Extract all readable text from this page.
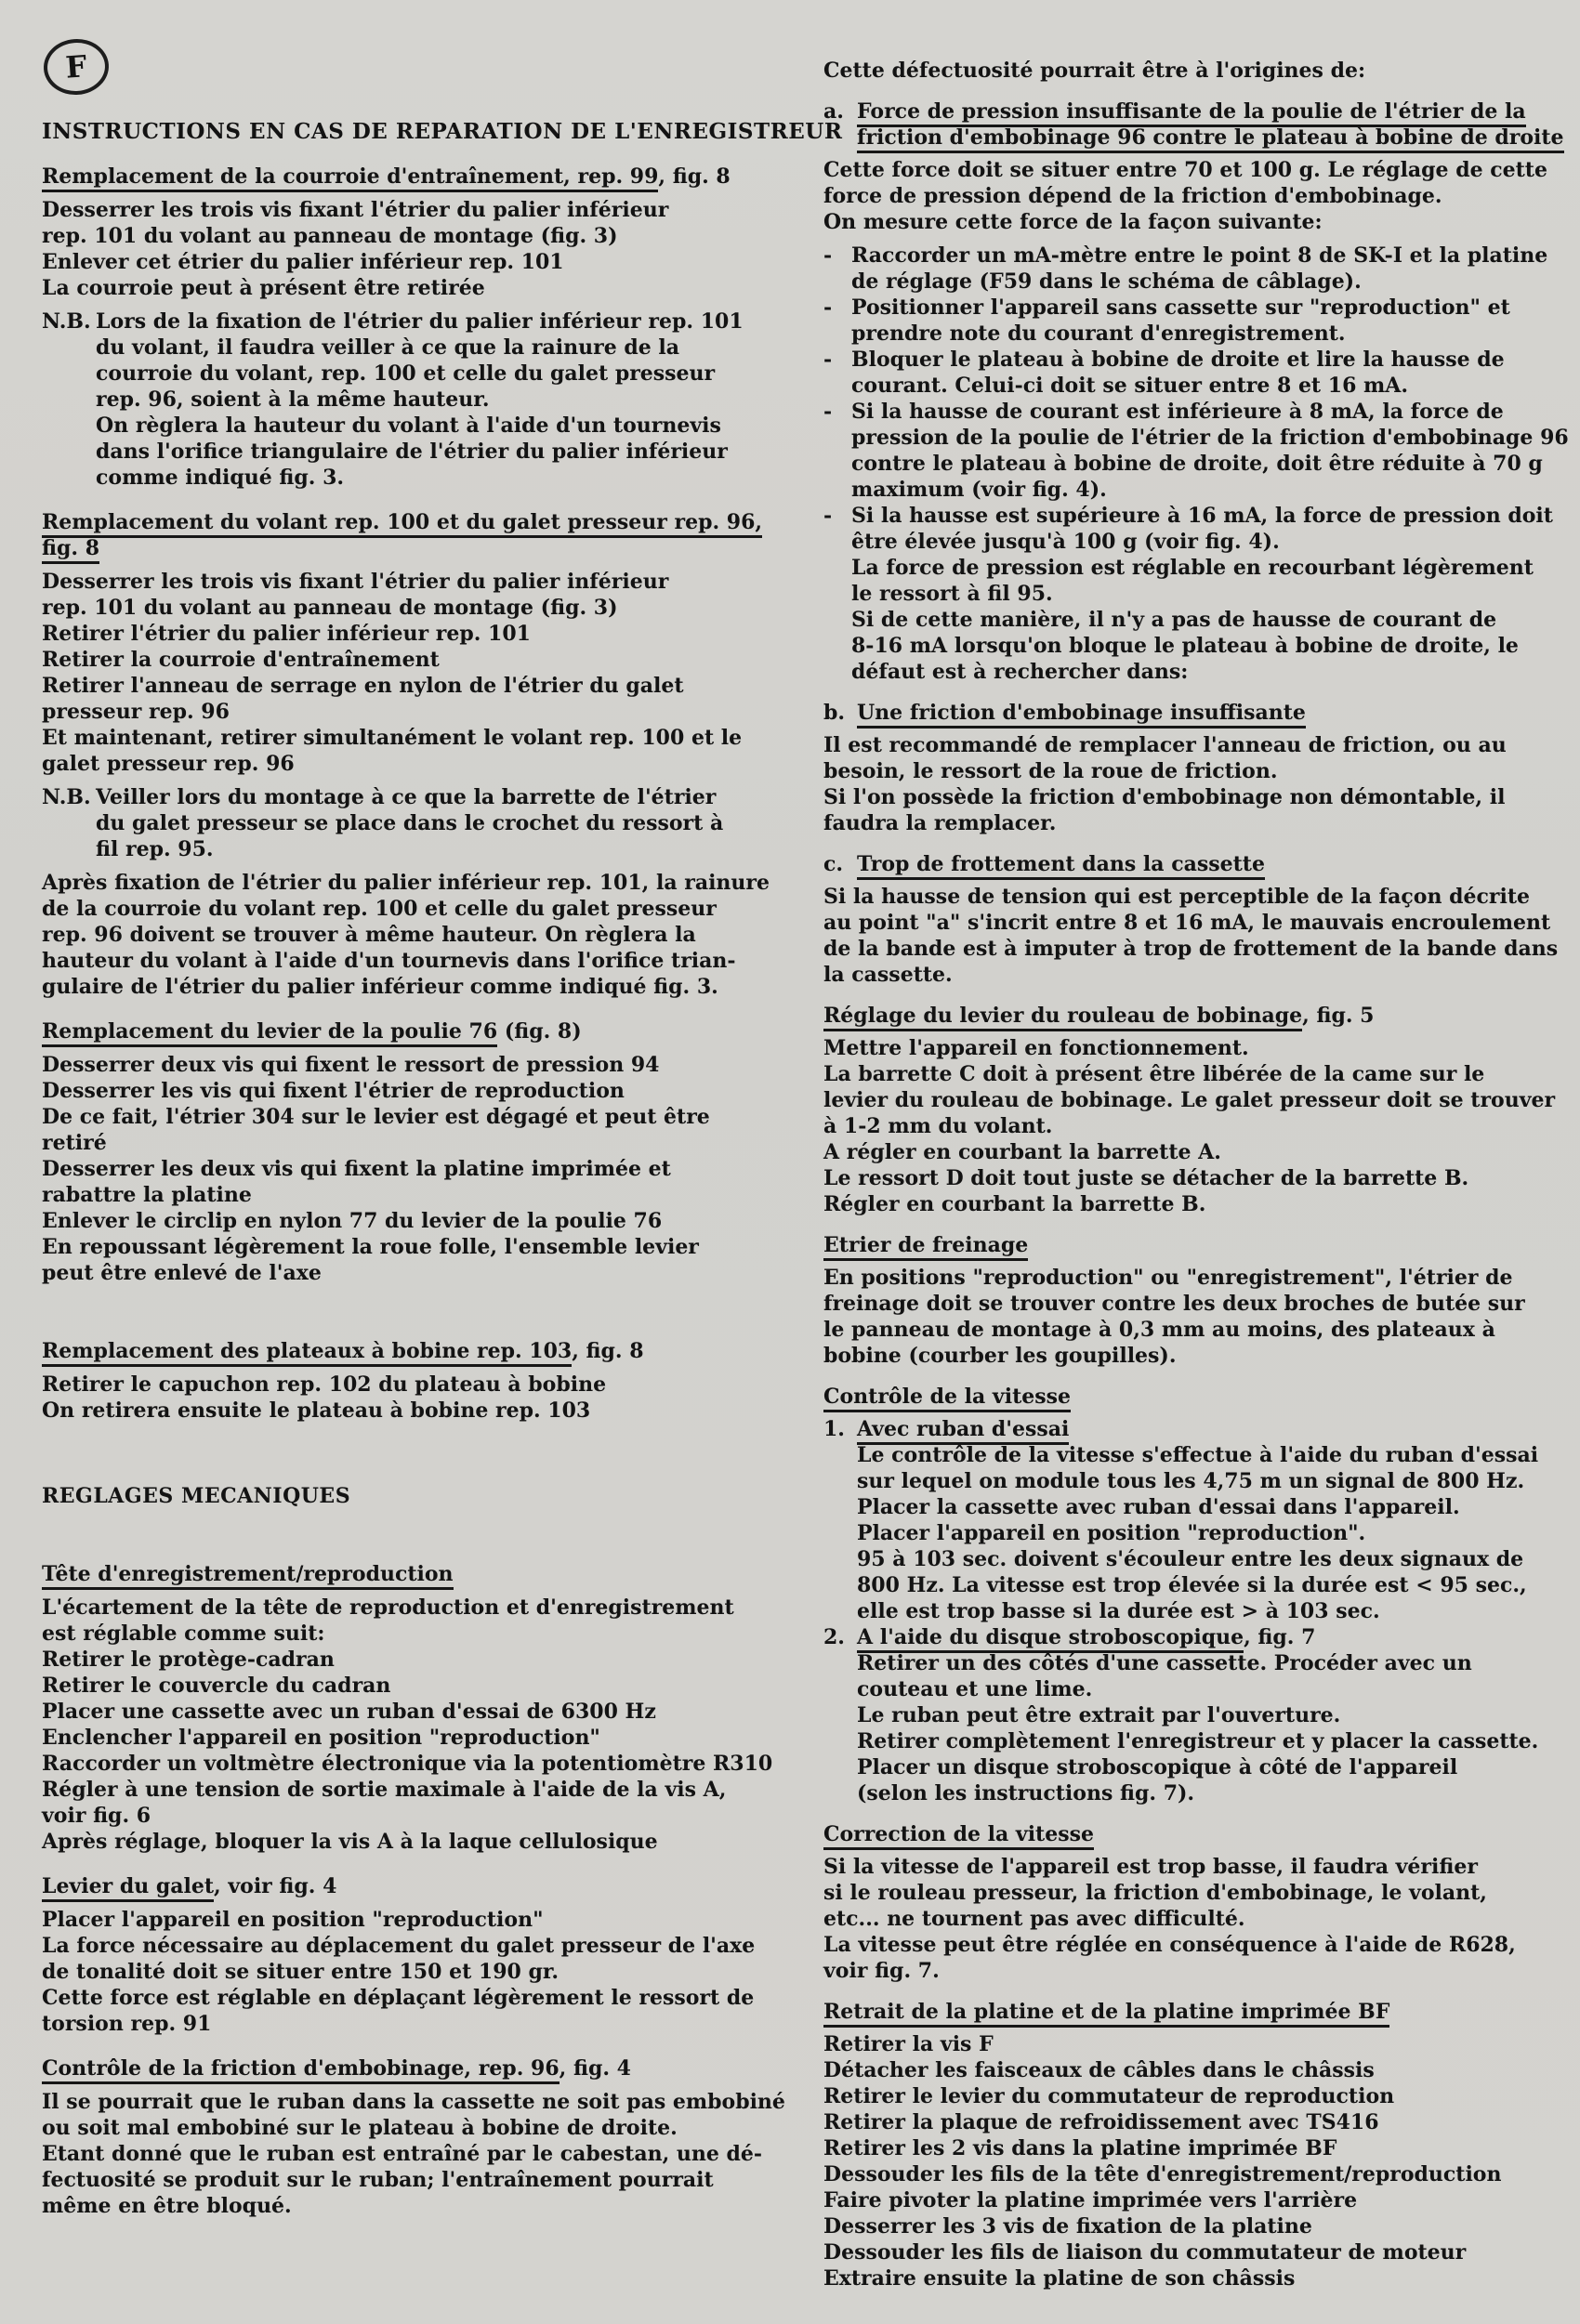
F
INSTRUCTIONS EN CAS DE REPARATION DE L'ENREGISTREUR
Remplacement de la courroie d'entraînement, rep. 99, fig. 8
Desserrer les trois vis fixant l'étrier du palier inférieur
rep. 101 du volant au panneau de montage (fig. 3)
Enlever cet étrier du palier inférieur rep. 101
La courroie peut à présent être retirée
N.B. Lors de la fixation de l'étrier du palier inférieur rep. 101
du volant, il faudra veiller à ce que la rainure de la
courroie du volant, rep. 100 et celle du galet presseur
rep. 96, soient à la même hauteur.
On règlera la hauteur du volant à l'aide d'un tournevis
dans l'orifice triangulaire de l'étrier du palier inférieur
comme indiqué fig. 3.
Remplacement du volant rep. 100 et du galet presseur rep. 96,
fig. 8
Desserrer les trois vis fixant l'étrier du palier inférieur
rep. 101 du volant au panneau de montage (fig. 3)
Retirer l'étrier du palier inférieur rep. 101
Retirer la courroie d'entraînement
Retirer l'anneau de serrage en nylon de l'étrier du galet
presseur rep. 96
Et maintenant, retirer simultanément le volant rep. 100 et le
galet presseur rep. 96
N.B. Veiller lors du montage à ce que la barrette de l'étrier
du galet presseur se place dans le crochet du ressort à
fil rep. 95.
Après fixation de l'étrier du palier inférieur rep. 101, la rainure
de la courroie du volant rep. 100 et celle du galet presseur
rep. 96 doivent se trouver à même hauteur. On règlera la
hauteur du volant à l'aide d'un tournevis dans l'orifice trian-
gulaire de l'étrier du palier inférieur comme indiqué fig. 3.
Remplacement du levier de la poulie 76 (fig. 8)
Desserrer deux vis qui fixent le ressort de pression 94
Desserrer les vis qui fixent l'étrier de reproduction
De ce fait, l'étrier 304 sur le levier est dégagé et peut être
retiré
Desserrer les deux vis qui fixent la platine imprimée et
rabattre la platine
Enlever le circlip en nylon 77 du levier de la poulie 76
En repoussant légèrement la roue folle, l'ensemble levier
peut être enlevé de l'axe
Remplacement des plateaux à bobine rep. 103, fig. 8
Retirer le capuchon rep. 102 du plateau à bobine
On retirera ensuite le plateau à bobine rep. 103
REGLAGES MECANIQUES
Tête d'enregistrement/reproduction
L'écartement de la tête de reproduction et d'enregistrement
est réglable comme suit:
Retirer le protège-cadran
Retirer le couvercle du cadran
Placer une cassette avec un ruban d'essai de 6300 Hz
Enclencher l'appareil en position "reproduction"
Raccorder un voltmètre électronique via la potentiomètre R310
Régler à une tension de sortie maximale à l'aide de la vis A,
voir fig. 6
Après réglage, bloquer la vis A à la laque cellulosique
Levier du galet, voir fig. 4
Placer l'appareil en position "reproduction"
La force nécessaire au déplacement du galet presseur de l'axe
de tonalité doit se situer entre 150 et 190 gr.
Cette force est réglable en déplaçant légèrement le ressort de
torsion rep. 91
Contrôle de la friction d'embobinage, rep. 96, fig. 4
Il se pourrait que le ruban dans la cassette ne soit pas embobiné
ou soit mal embobiné sur le plateau à bobine de droite.
Etant donné que le ruban est entraîné par le cabestan, une dé-
fectuosité se produit sur le ruban; l'entraînement pourrait
même en être bloqué.
Cette défectuosité pourrait être à l'origines de:
a. Force de pression insuffisante de la poulie de l'étrier de la
friction d'embobinage 96 contre le plateau à bobine de droite
Cette force doit se situer entre 70 et 100 g. Le réglage de cette
force de pression dépend de la friction d'embobinage.
On mesure cette force de la façon suivante:
- Raccorder un mA-mètre entre le point 8 de SK-I et la platine
de réglage (F59 dans le schéma de câblage).
- Positionner l'appareil sans cassette sur "reproduction" et
prendre note du courant d'enregistrement.
- Bloquer le plateau à bobine de droite et lire la hausse de
courant. Celui-ci doit se situer entre 8 et 16 mA.
- Si la hausse de courant est inférieure à 8 mA, la force de
pression de la poulie de l'étrier de la friction d'embobinage 96
contre le plateau à bobine de droite, doit être réduite à 70 g
maximum (voir fig. 4).
- Si la hausse est supérieure à 16 mA, la force de pression doit
être élevée jusqu'à 100 g (voir fig. 4).
La force de pression est réglable en recourbant légèrement
le ressort à fil 95.
Si de cette manière, il n'y a pas de hausse de courant de
8-16 mA lorsqu'on bloque le plateau à bobine de droite, le
défaut est à rechercher dans:
b. Une friction d'embobinage insuffisante
Il est recommandé de remplacer l'anneau de friction, ou au
besoin, le ressort de la roue de friction.
Si l'on possède la friction d'embobinage non démontable, il
faudra la remplacer.
c. Trop de frottement dans la cassette
Si la hausse de tension qui est perceptible de la façon décrite
au point "a" s'incrit entre 8 et 16 mA, le mauvais encroulement
de la bande est à imputer à trop de frottement de la bande dans
la cassette.
Réglage du levier du rouleau de bobinage, fig. 5
Mettre l'appareil en fonctionnement.
La barrette C doit à présent être libérée de la came sur le
levier du rouleau de bobinage. Le galet presseur doit se trouver
à 1-2 mm du volant.
A régler en courbant la barrette A.
Le ressort D doit tout juste se détacher de la barrette B.
Régler en courbant la barrette B.
Etrier de freinage
En positions "reproduction" ou "enregistrement", l'étrier de
freinage doit se trouver contre les deux broches de butée sur
le panneau de montage à 0,3 mm au moins, des plateaux à
bobine (courber les goupilles).
Contrôle de la vitesse
1. Avec ruban d'essai
Le contrôle de la vitesse s'effectue à l'aide du ruban d'essai
sur lequel on module tous les 4,75 m un signal de 800 Hz.
Placer la cassette avec ruban d'essai dans l'appareil.
Placer l'appareil en position "reproduction".
95 à 103 sec. doivent s'écouleur entre les deux signaux de
800 Hz. La vitesse est trop élevée si la durée est < 95 sec.,
elle est trop basse si la durée est > à 103 sec.
2. A l'aide du disque stroboscopique, fig. 7
Retirer un des côtés d'une cassette. Procéder avec un
couteau et une lime.
Le ruban peut être extrait par l'ouverture.
Retirer complètement l'enregistreur et y placer la cassette.
Placer un disque stroboscopique à côté de l'appareil
(selon les instructions fig. 7).
Correction de la vitesse
Si la vitesse de l'appareil est trop basse, il faudra vérifier
si le rouleau presseur, la friction d'embobinage, le volant,
etc... ne tournent pas avec difficulté.
La vitesse peut être réglée en conséquence à l'aide de R628,
voir fig. 7.
Retrait de la platine et de la platine imprimée BF
Retirer la vis F
Détacher les faisceaux de câbles dans le châssis
Retirer le levier du commutateur de reproduction
Retirer la plaque de refroidissement avec TS416
Retirer les 2 vis dans la platine imprimée BF
Dessouder les fils de la tête d'enregistrement/reproduction
Faire pivoter la platine imprimée vers l'arrière
Desserrer les 3 vis de fixation de la platine
Dessouder les fils de liaison du commutateur de moteur
Extraire ensuite la platine de son châssis
